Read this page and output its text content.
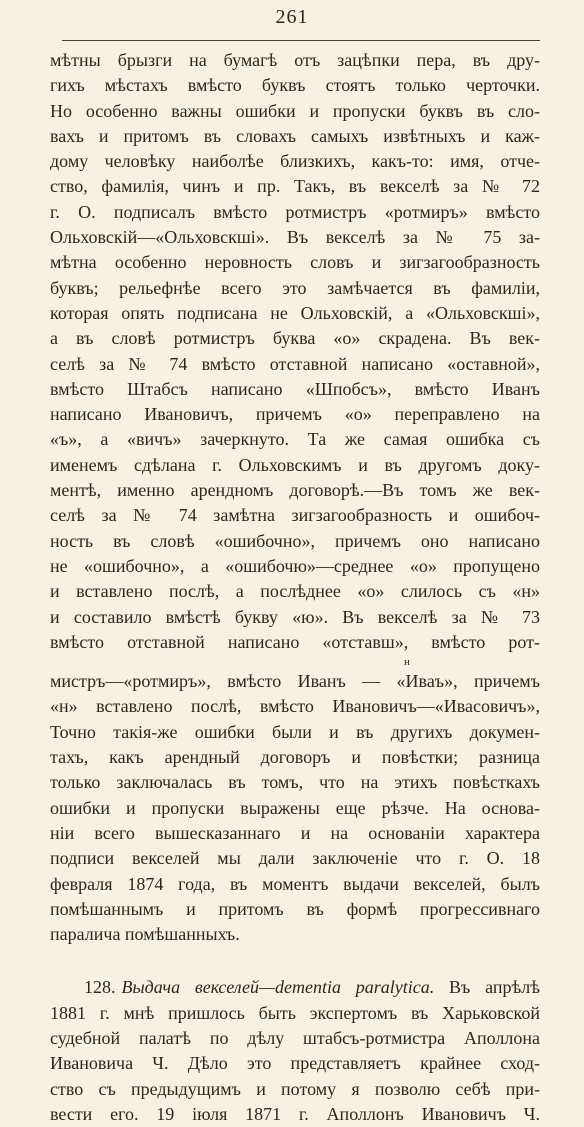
261
мѣтны брызги на бумагѣ отъ зацѣпки пера, въ дру-
гихъ мѣстахъ вмѣсто буквъ стоятъ только черточки.
Но особенно важны ошибки и пропуски буквъ въ сло-
вахъ и притомъ въ словахъ самыхъ извѣтныхъ и каж-
дому человѣку наиболѣе близкихъ, какъ-то: имя, отче-
ство, фамилія, чинъ и пр. Такъ, въ векселѣ за № 72
г. О. подписалъ вмѣсто ротмистръ «ротмиръ» вмѣсто
Ольховскій—«Ольховскші». Въ векселѣ за № 75 за-
мѣтна особенно неровность словъ и зигзагообразность
буквъ; рельефнѣе всего это замѣчается въ фамиліи,
которая опять подписана не Ольховскій, а «Ольховскші»,
а въ словѣ ротмистръ буква «о» скрадена. Въ век-
селѣ за № 74 вмѣсто отставной написано «оставной»,
вмѣсто Штабсъ написано «Шпобсъ», вмѣсто Иванъ
написано Ивановичъ, причемъ «о» переправлено на
«ъ», а «вичъ» зачеркнуто. Та же самая ошибка съ
именемъ сдѣлана г. Ольховскимъ и въ другомъ доку-
ментѣ, именно арендномъ договорѣ.—Въ томъ же век-
селѣ за № 74 замѣтна зигзагообразность и ошибоч-
ность въ словѣ «ошибочно», причемъ оно написано
не «ошибочно», а «ошибочю»—среднее «о» пропущено
и вставлено послѣ, а послѣднее «о» слилось съ «н»
и составило вмѣстѣ букву «ю». Въ векселѣ за № 73
вмѣсто отставной написано «отставш», вмѣсто рот-
н
мистръ—«ротмиръ», вмѣсто Иванъ — «Иваъ», причемъ
«н» вставлено послѣ, вмѣсто Ивановичъ—«Ивасовичъ»,
Точно такія-же ошибки были и въ другихъ докумен-
тахъ, какъ арендный договоръ и повѣстки; разница
только заключалась въ томъ, что на этихъ повѣсткахъ
ошибки и пропуски выражены еще рѣзче. На основа-
ніи всего вышесказаннаго и на основаніи характера
подписи векселей мы дали заключеніе что г. О. 18
февраля 1874 года, въ моментъ выдачи векселей, былъ
помѣшаннымъ и притомъ въ формѣ прогрессивнаго
паралича помѣшанныхъ.
128. Выдача векселей—dementia paralytica. Въ апрѣлѣ
1881 г. мнѣ пришлось быть экспертомъ въ Харьковской
судебной палатѣ по дѣлу штабсъ-ротмистра Аполлона
Ивановича Ч. Дѣло это представляетъ крайнее сход-
ство съ предыдущимъ и потому я позволю себѣ при-
вести его. 19 іюля 1871 г. Аполлонъ Ивановичъ Ч.
